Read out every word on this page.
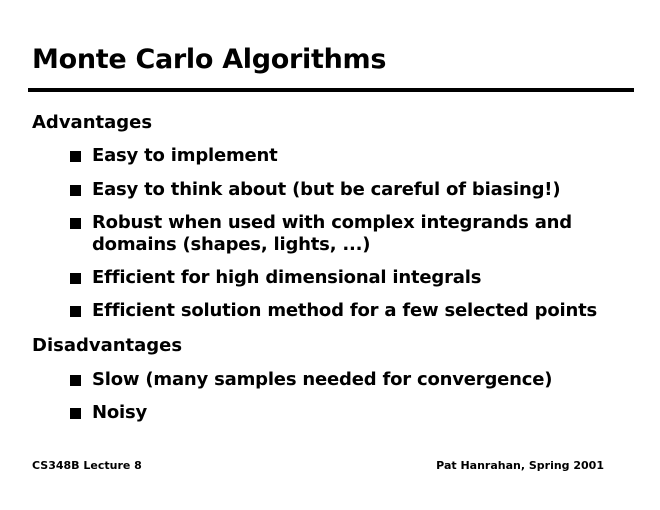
Monte Carlo Algorithms
Advantages
Easy to implement
Easy to think about (but be careful of biasing!)
Robust when used with complex integrands and domains (shapes, lights, ...)
Efficient for high dimensional integrals
Efficient solution method for a few selected points
Disadvantages
Slow (many samples needed for convergence)
Noisy
CS348B Lecture 8	Pat Hanrahan, Spring 2001
